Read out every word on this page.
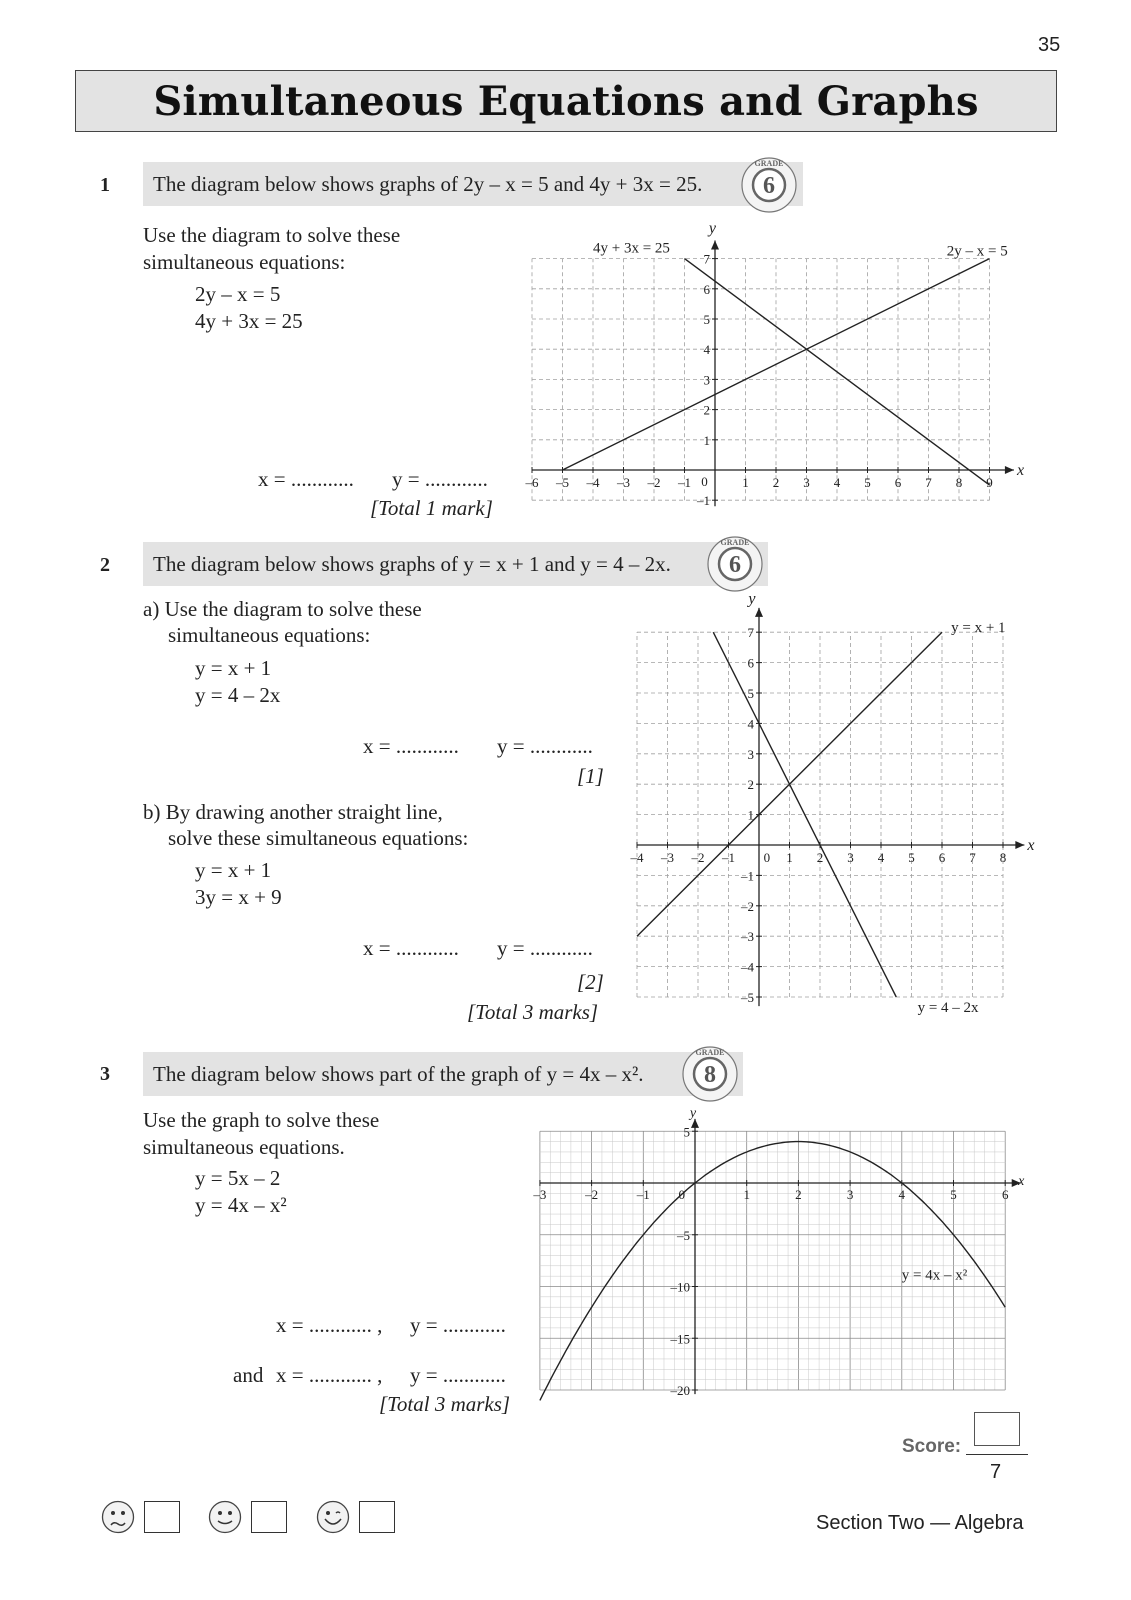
35
Simultaneous Equations and Graphs
1 The diagram below shows graphs of 2y – x = 5 and 4y + 3x = 25.	6
GRADE
Use the diagram to solve these
simultaneous equations:
2y – x = 5
4y + 3x = 25
x = ............ y = ............
[Total 1 mark]
–6 –5 –4 –3 –2 –1	1 2 3 4 5 6 7 8 9
1
2
3
4
5
6
7
–1
4y + 3x = 25	2y – x = 5
x
y
0
2 The diagram below shows graphs of y = x + 1 and y = 4 – 2x. 6
GRADE
a) Use the diagram to solve these
simultaneous equations:
y = x + 1
y = 4 – 2x
x = ............ y = ............
[1]
b) By drawing another straight line,
solve these simultaneous equations:
y = x + 1
3y = x + 9
x = ............ y = ............
[2]
[Total 3 marks]
–4 –3 –2 –1	1 2 3 4 5 6 7 8
1
2
3
4
5
6
7
–1
–2
–3
–4
–5
y = x + 1
y = 4 – 2x
x
y
0
3 The diagram below shows part of the graph of y = 4x – x².	8
GRADE
Use the graph to solve these
simultaneous equations.
y = 5x – 2
y = 4x – x²
x = ............ , y = ............
and x = ............ , y = ............
[Total 3 marks]
–3	–2	–1	1	2	3	4	5	6
5
–5
–10
–15
–20
y = 4x – x²
x
y
0
Score:
7
Section Two — Algebra
